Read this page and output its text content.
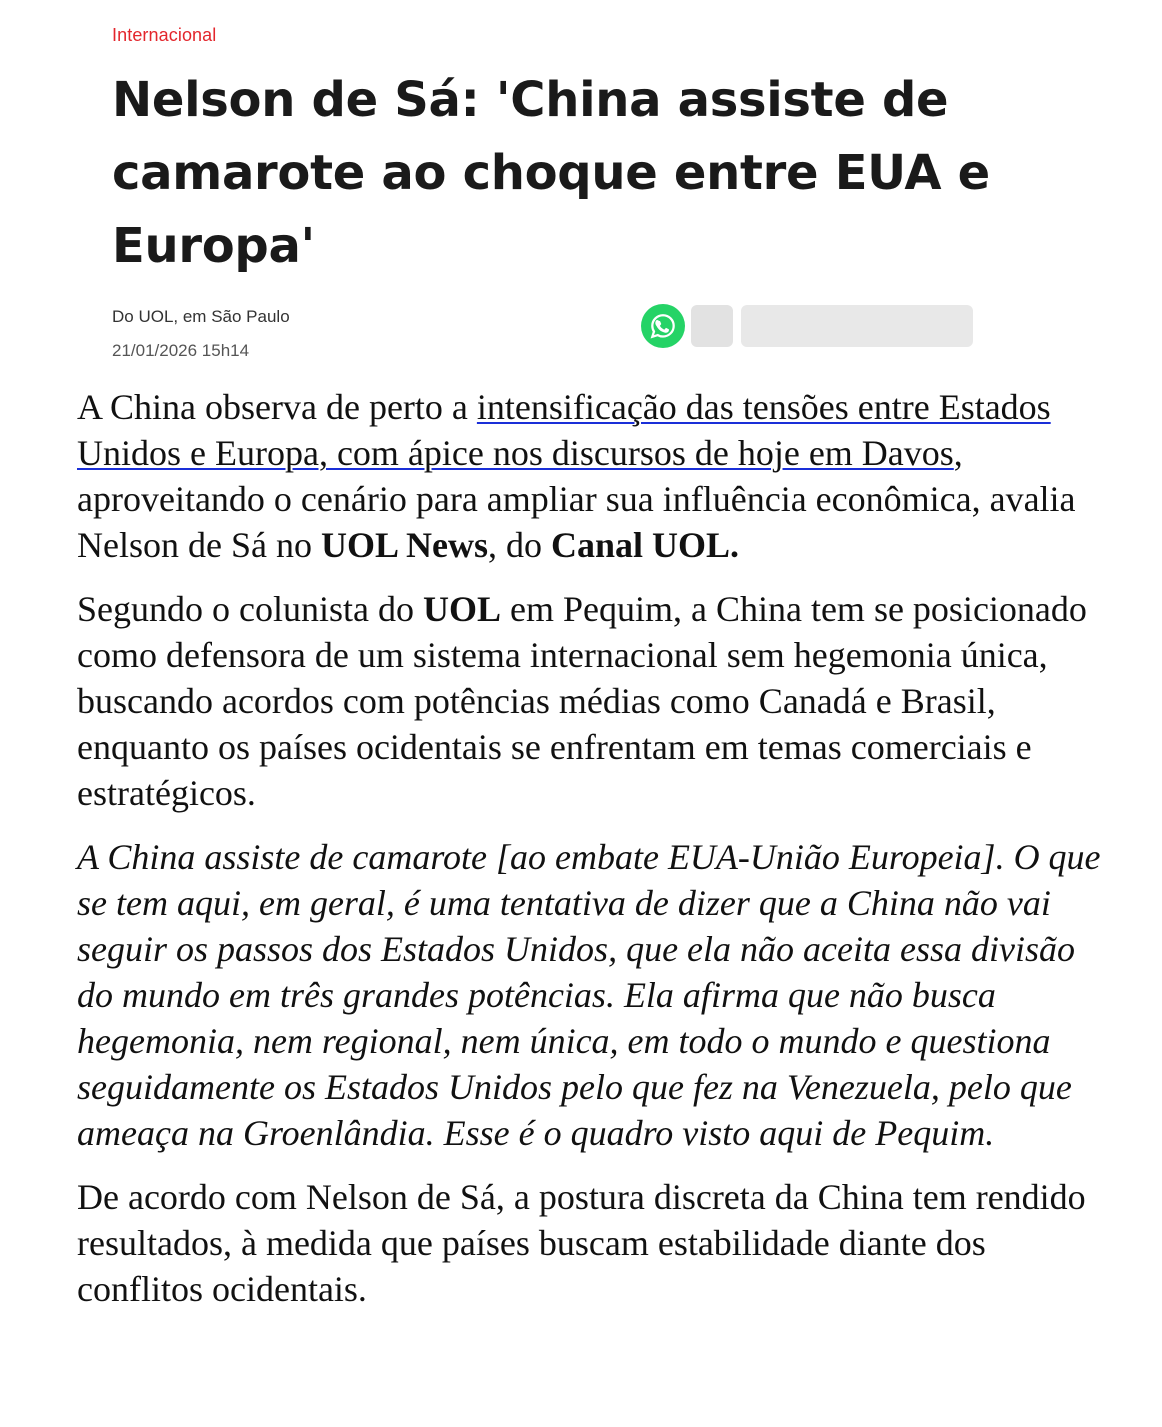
Internacional

Nelson de Sá: 'China assiste de camarote ao choque entre EUA e Europa'
Do UOL, em São Paulo
21/01/2026 15h14

A China observa de perto a intensificação das tensões entre Estados Unidos e Europa, com ápice nos discursos de hoje em Davos, aproveitando o cenário para ampliar sua influência econômica, avalia Nelson de Sá no UOL News, do Canal UOL.

Segundo o colunista do UOL em Pequim, a China tem se posicionado como defensora de um sistema internacional sem hegemonia única, buscando acordos com potências médias como Canadá e Brasil, enquanto os países ocidentais se enfrentam em temas comerciais e estratégicos.

A China assiste de camarote [ao embate EUA-União Europeia]. O que se tem aqui, em geral, é uma tentativa de dizer que a China não vai seguir os passos dos Estados Unidos, que ela não aceita essa divisão do mundo em três grandes potências. Ela afirma que não busca hegemonia, nem regional, nem única, em todo o mundo e questiona seguidamente os Estados Unidos pelo que fez na Venezuela, pelo que ameaça na Groenlândia. Esse é o quadro visto aqui de Pequim.

De acordo com Nelson de Sá, a postura discreta da China tem rendido resultados, à medida que países buscam estabilidade diante dos conflitos ocidentais.
